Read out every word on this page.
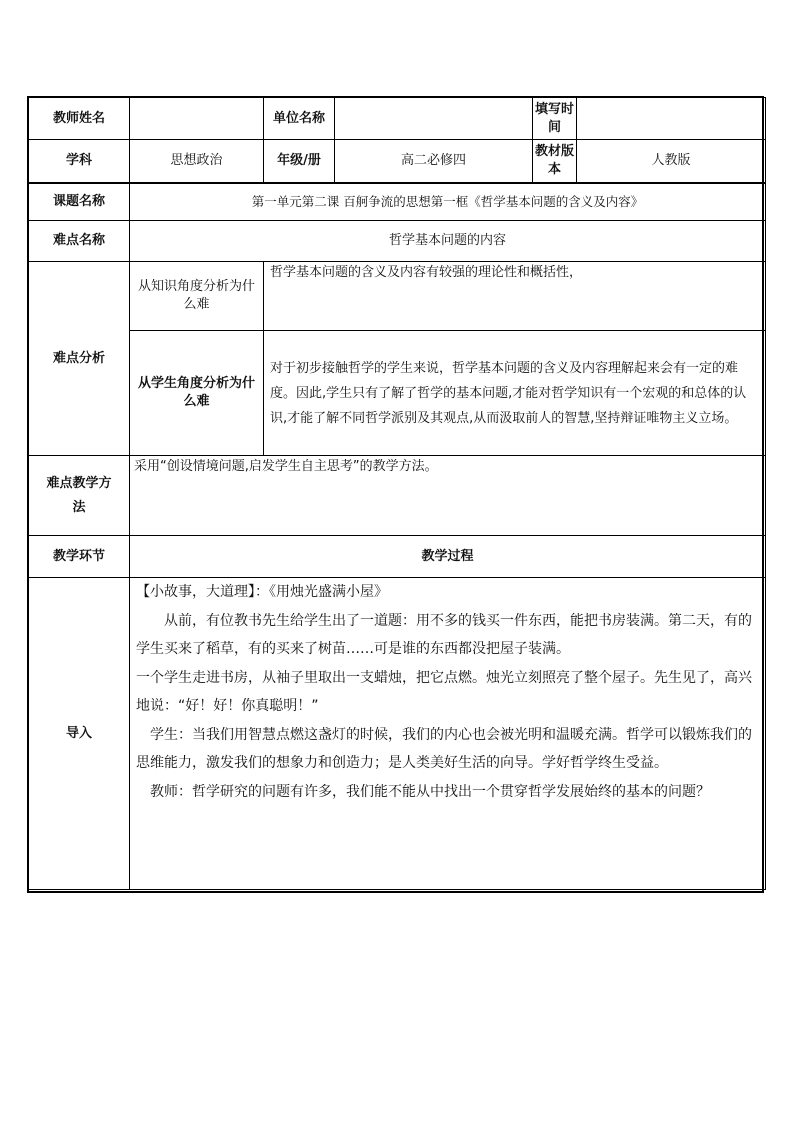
教师姓名		单位名称		填写时间	
学科	思想政治	年级/册	高二必修四	教材版本	人教版
课题名称	第一单元第二课 百舸争流的思想第一框《哲学基本问题的含义及内容》				
难点名称	哲学基本问题的内容				
难点分析	从知识角度分析为什么难	哲学基本问题的含义及内容有较强的理论性和概括性，			
	从学生角度分析为什么难	对于初步接触哲学的学生来说，哲学基本问题的含义及内容理解起来会有一定的难度。因此,学生只有了解了哲学的基本问题,才能对哲学知识有一个宏观的和总体的认识,才能了解不同哲学派别及其观点,从而汲取前人的智慧,坚持辩证唯物主义立场。			
难点教学方法	采用“创设情境问题,启发学生自主思考”的教学方法。				
教学环节	教学过程				
导入	【小故事，大道理】：《用烛光盛满小屋》

从前，有位教书先生给学生出了一道题：用不多的钱买一件东西，能把书房装满。第二天，有的学生买来了稻草，有的买来了树苗……可是谁的东西都没把屋子装满。

一个学生走进书房，从袖子里取出一支蜡烛，把它点燃。烛光立刻照亮了整个屋子。先生见了，高兴地说：“好！好！你真聪明！”

学生：当我们用智慧点燃这盏灯的时候，我们的内心也会被光明和温暖充满。哲学可以锻炼我们的思维能力，激发我们的想象力和创造力；是人类美好生活的向导。学好哲学终生受益。

教师：哲学研究的问题有许多，我们能不能从中找出一个贯穿哲学发展始终的基本的问题？				
